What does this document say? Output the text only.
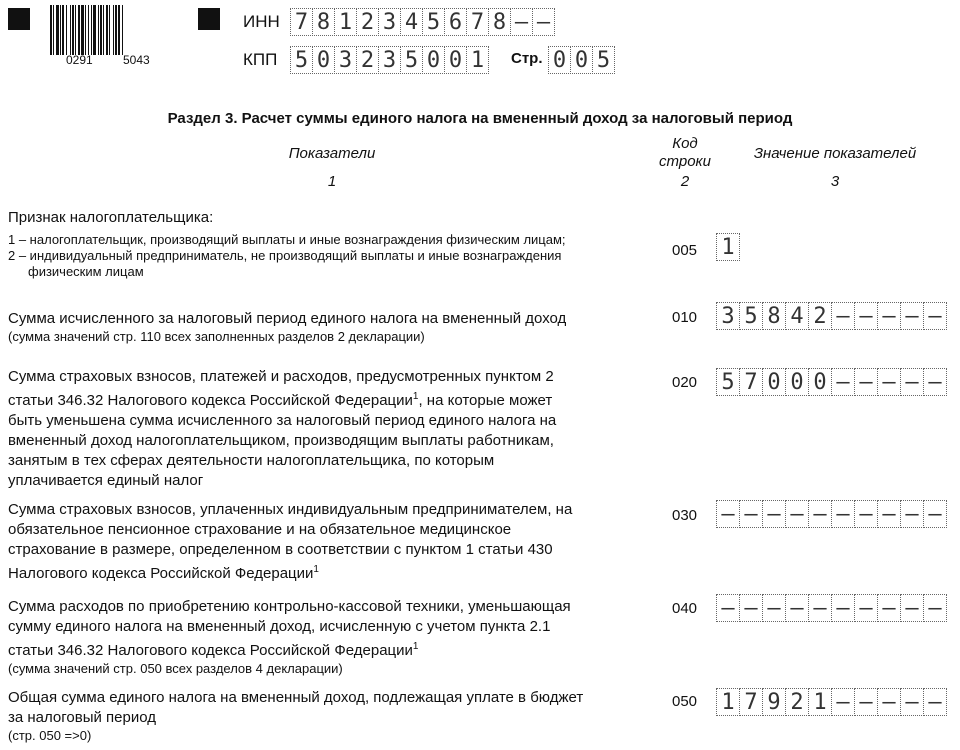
0291	5043
ИНН 7 8 1 2 3 4 5 6 7 8 – –
КПП 5 0 3 2 3 5 0 0 1	Стр. 0 0 5
Раздел 3. Расчет суммы единого налога на вмененный доход за налоговый период
Показатели
Код
строки	Значение показателей
1	2	3
Признак налогоплательщика:
1 – налогоплательщик, производящий выплаты и иные вознаграждения физическим лицам;
2 – индивидуальный предприниматель, не производящий выплаты и иные вознаграждения
физическим лицам
005 1
Сумма исчисленного за налоговый период единого налога на вмененный доход
(сумма значений стр. 110 всех заполненных разделов 2 декларации)
010 3 5 8 4 2 – – – – –
Сумма страховых взносов, платежей и расходов, предусмотренных пунктом 2
статьи 346.32 Налогового кодекса Российской Федерации$^1$, на которые может
быть уменьшена сумма исчисленного за налоговый период единого налога на
вмененный доход налогоплательщиком, производящим выплаты работникам,
занятым в тех сферах деятельности налогоплательщика, по которым
уплачивается единый налог
020 5 7 0 0 0 – – – – –
Сумма страховых взносов, уплаченных индивидуальным предпринимателем, на
обязательное пенсионное страхование и на обязательное медицинское
страхование в размере, определенном в соответствии с пунктом 1 статьи 430
Налогового кодекса Российской Федерации$^1$
030 – – – – – – – – – –
Сумма расходов по приобретению контрольно-кассовой техники, уменьшающая
сумму единого налога на вмененный доход, исчисленную с учетом пункта 2.1
статьи 346.32 Налогового кодекса Российской Федерации$^1$
(сумма значений стр. 050 всех разделов 4 декларации)
040 – – – – – – – – – –
Общая сумма единого налога на вмененный доход, подлежащая уплате в бюджет
за налоговый период
(стр. 050 =>0)
050 1 7 9 2 1 – – – – –
